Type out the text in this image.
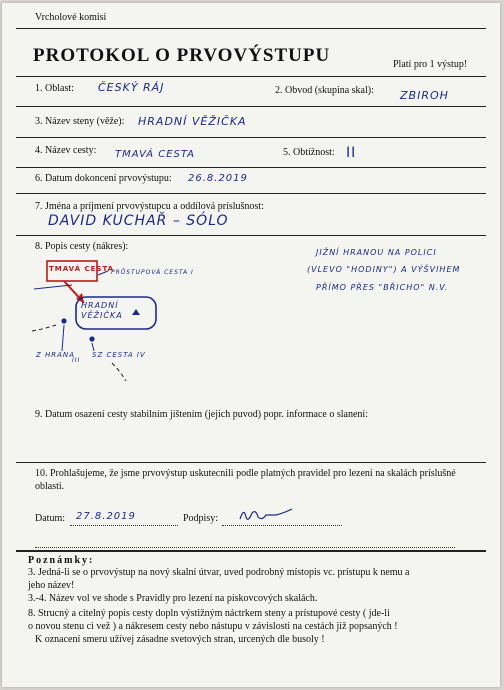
Vrcholové komisi
PROTOKOL O PRVOVÝSTUPU	Platí pro 1 výstup!
1. Oblast: ČESKÝ RÁJ	2. Obvod (skupina skal): ZBIROH
3. Název steny (věže): HRADNÍ VĚŽIČKA
4. Název cesty: TMAVÁ CESTA	5. Obtížnost: II
6. Datum dokoncení prvovýstupu: 26.8.2019
7. Jména a príjmení prvovýstupcu a oddílová príslušnost:
DAVID KUCHAŘ – SÓLO
8. Popis cesty (nákres):
TMAVÁ CESTA
PRŮSTUPOVÁ CESTA I
HRADNÍ VĚŽIČKA
Z HRANA
III
SZ CESTA IV
JIŽNÍ HRANOU NA POLICI
(VLEVO "HODINY") A VÝŠVIHEM
PŘÍMO PŘES "BŘICHO" N.V.
9. Datum osazení cesty stabilním jištením (jejich puvod) popr. informace o slanení:
10. Prohlašujeme, že jsme prvovýstup uskutecnili podle platných pravidel pro lezení na skalách príslušné oblasti.
Datum: 27.8.2019	Podpisy:
Poznámky:
3. Jedná-li se o prvovýstup na nový skalní útvar, uved podrobný místopis vc. prístupu k nemu a
jeho název!
3.-4. Název vol ve shode s Pravidly pro lezení na pískovcových skalách.
8. Strucný a citelný popis cesty dopln výstižným náctrkem steny a prístupové cesty ( jde-li
o novou stenu ci vež ) a nákresem cesty nebo nástupu v závislosti na cestách již popsaných !
K oznacení smeru užívej zásadne svetových stran, urcených dle busoly !
